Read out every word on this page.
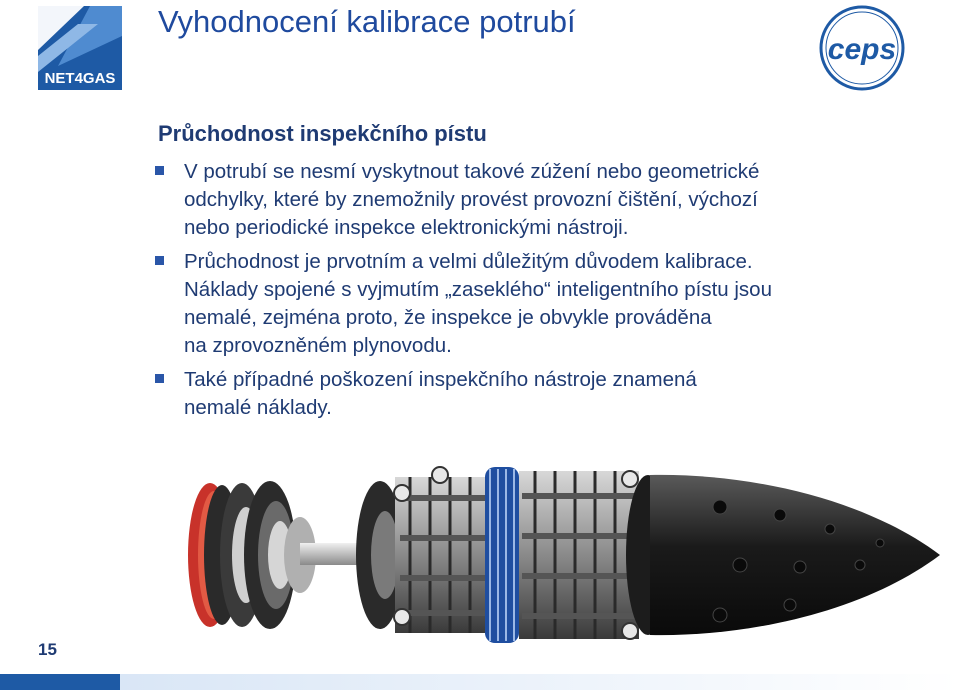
NET4GAS
Vyhodnocení kalibrace potrubí
ceps
Průchodnost inspekčního pístu
V potrubí se nesmí vyskytnout takové zúžení nebo geometrické
odchylky, které by znemožnily provést provozní čištění, výchozí
nebo periodické inspekce elektronickými nástroji.
Průchodnost je prvotním a velmi důležitým důvodem kalibrace.
Náklady spojené s vyjmutím „zaseklého“ inteligentního pístu jsou
nemalé, zejména proto, že inspekce je obvykle prováděna
na zprovozněném plynovodu.
Také případné poškození inspekčního nástroje znamená
nemalé náklady.
15
